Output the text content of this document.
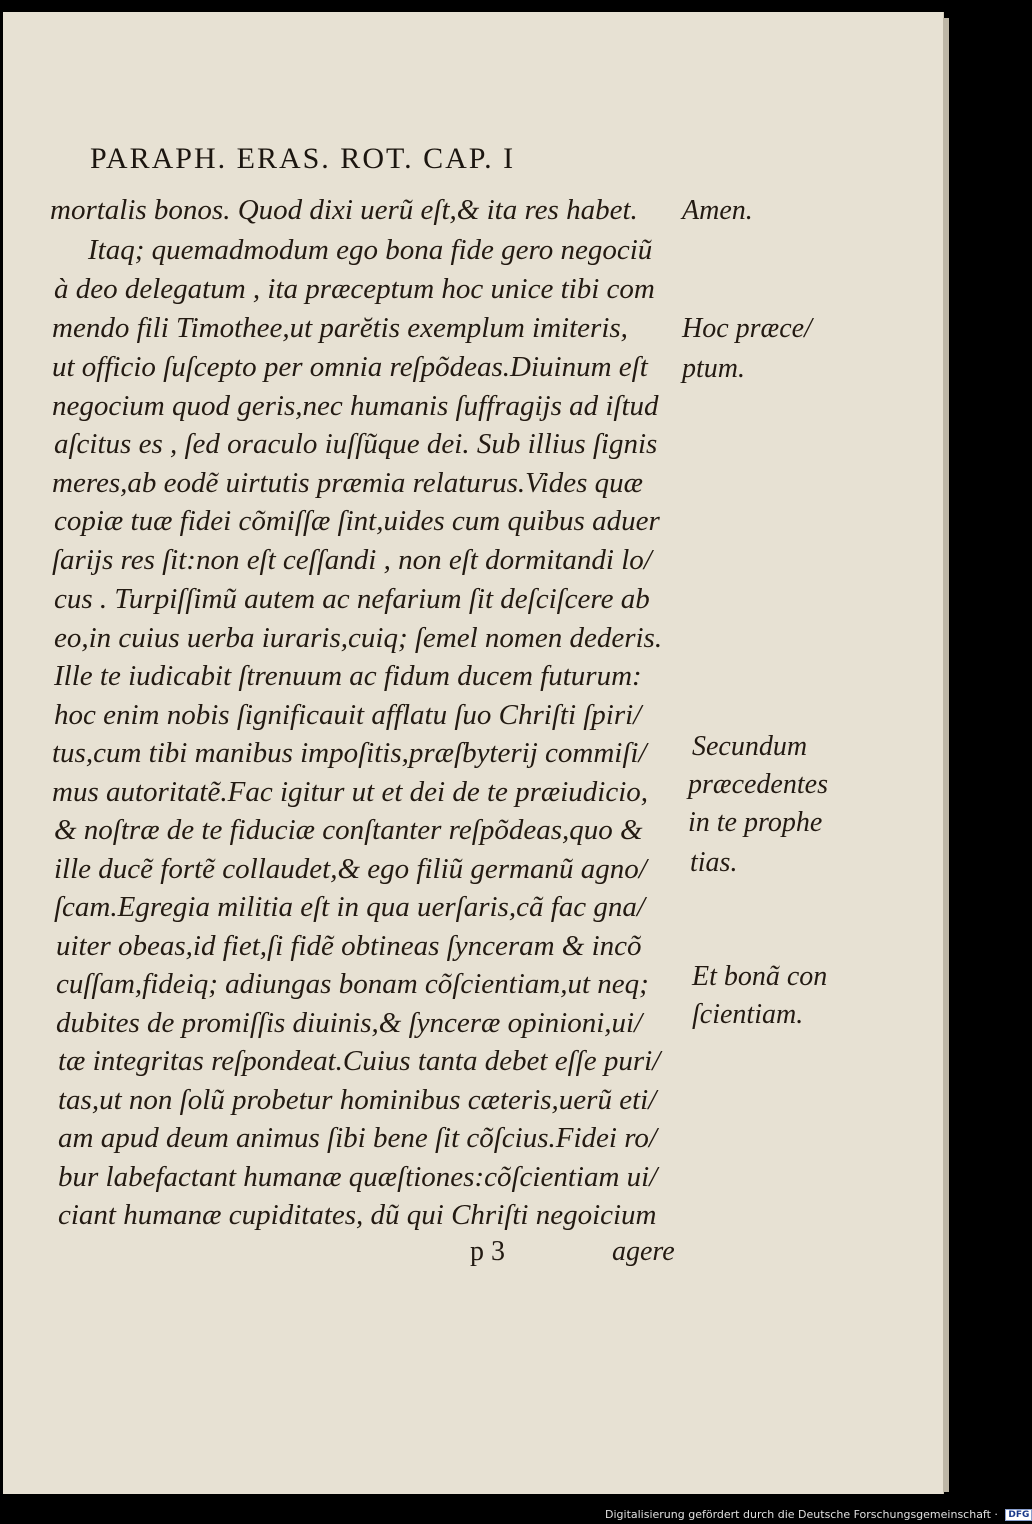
PARAPH. ERAS. ROT. CAP. I
mortalis bonos. Quod dixi uerũ eſt,& ita res habet.
Itaq; quemadmodum ego bona fide gero negociũ
à deo delegatum , ita præceptum hoc unice tibi com
mendo fili Timothee,ut parĕtis exemplum imiteris,
ut officio ſuſcepto per omnia reſpõdeas.Diuinum eſt
negocium quod geris,nec humanis ſuffragijs ad iſtud
aſcitus es , ſed oraculo iuſſũque dei. Sub illius ſignis
meres,ab eodẽ uirtutis præmia relaturus.Vides quæ
copiæ tuæ fidei cõmiſſæ ſint,uides cum quibus aduer
ſarijs res ſit:non eſt ceſſandi , non eſt dormitandi lo/
cus . Turpiſſimũ autem ac nefarium ſit deſciſcere ab
eo,in cuius uerba iuraris,cuiq; ſemel nomen dederis.
Ille te iudicabit ſtrenuum ac fidum ducem futurum:
hoc enim nobis ſignificauit afflatu ſuo Chriſti ſpiri/
tus,cum tibi manibus impoſitis,præſbyterij commiſi/
mus autoritatẽ.Fac igitur ut et dei de te præiudicio,
& noſtræ de te fiduciæ conſtanter reſpõdeas,quo &
ille ducẽ fortẽ collaudet,& ego filiũ germanũ agno/
ſcam.Egregia militia eſt in qua uerſaris,cã fac gna/
uiter obeas,id fiet,ſi fidẽ obtineas ſynceram & incõ
cuſſam,fideiq; adiungas bonam cõſcientiam,ut neq;
dubites de promiſſis diuinis,& ſynceræ opinioni,ui/
tæ integritas reſpondeat.Cuius tanta debet eſſe puri/
tas,ut non ſolũ probetur hominibus cæteris,uerũ eti/
am apud deum animus ſibi bene ſit cõſcius.Fidei ro/
bur labefactant humanæ quæſtiones:cõſcientiam ui/
ciant humanæ cupiditates, dũ qui Chriſti negoicium
Amen.
Hoc præce/
ptum.
Secundum
præcedentes
in te prophe
tias.
Et bonã con
ſcientiam.
p 3	agere
Digitalisierung gefördert durch die Deutsche Forschungsgemeinschaft · DFG
